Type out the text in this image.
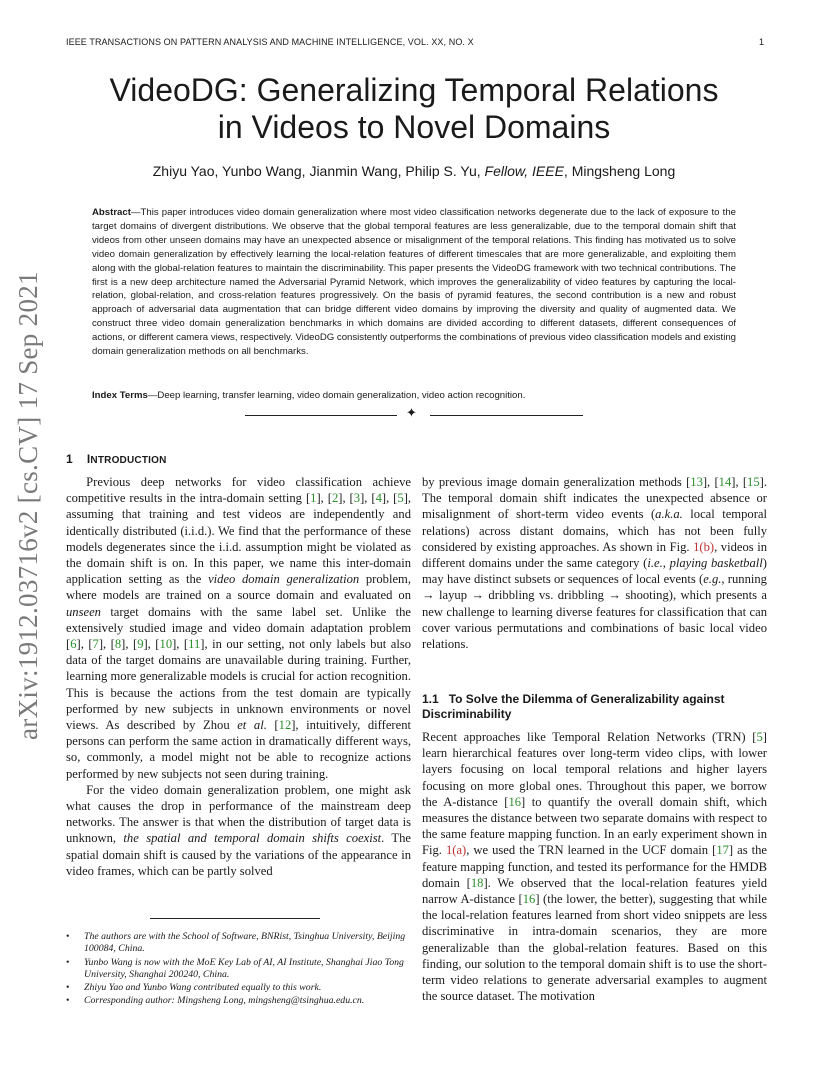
IEEE TRANSACTIONS ON PATTERN ANALYSIS AND MACHINE INTELLIGENCE, VOL. XX, NO. X	1
arXiv:1912.03716v2 [cs.CV] 17 Sep 2021
VideoDG: Generalizing Temporal Relations
in Videos to Novel Domains
Zhiyu Yao, Yunbo Wang, Jianmin Wang, Philip S. Yu, Fellow, IEEE, Mingsheng Long
Abstract—This paper introduces video domain generalization where most video classification networks degenerate due to the lack of exposure to the target domains of divergent distributions. We observe that the global temporal features are less generalizable, due to the temporal domain shift that videos from other unseen domains may have an unexpected absence or misalignment of the temporal relations. This finding has motivated us to solve video domain generalization by effectively learning the local-relation features of different timescales that are more generalizable, and exploiting them along with the global-relation features to maintain the discriminability. This paper presents the VideoDG framework with two technical contributions. The first is a new deep architecture named the Adversarial Pyramid Network, which improves the generalizability of video features by capturing the local-relation, global-relation, and cross-relation features progressively. On the basis of pyramid features, the second contribution is a new and robust approach of adversarial data augmentation that can bridge different video domains by improving the diversity and quality of augmented data. We construct three video domain generalization benchmarks in which domains are divided according to different datasets, different consequences of actions, or different camera views, respectively. VideoDG consistently outperforms the combinations of previous video classification models and existing domain generalization methods on all benchmarks.
Index Terms—Deep learning, transfer learning, video domain generalization, video action recognition.
✦
1 INTRODUCTION

Previous deep networks for video classification achieve competitive results in the intra-domain setting [1], [2], [3], [4], [5], assuming that training and test videos are independently and identically distributed (i.i.d.). We find that the performance of these models degenerates since the i.i.d. assumption might be violated as the domain shift is on. In this paper, we name this inter-domain application setting as the video domain generalization problem, where models are trained on a source domain and evaluated on unseen target domains with the same label set. Unlike the extensively studied image and video domain adaptation problem [6], [7], [8], [9], [10], [11], in our setting, not only labels but also data of the target domains are unavailable during training. Further, learning more generalizable models is crucial for action recognition. This is because the actions from the test domain are typically performed by new subjects in unknown environments or novel views. As described by Zhou et al. [12], intuitively, different persons can perform the same action in dramatically different ways, so, commonly, a model might not be able to recognize actions performed by new subjects not seen during training.

For the video domain generalization problem, one might ask what causes the drop in performance of the mainstream deep networks. The answer is that when the distribution of target data is unknown, the spatial and temporal domain shifts coexist. The spatial domain shift is caused by the variations of the appearance in video frames, which can be partly solved

• The authors are with the School of Software, BNRist, Tsinghua University, Beijing 100084, China.
• Yunbo Wang is now with the MoE Key Lab of AI, AI Institute, Shanghai Jiao Tong University, Shanghai 200240, China.
• Zhiyu Yao and Yunbo Wang contributed equally to this work.
• Corresponding author: Mingsheng Long, mingsheng@tsinghua.edu.cn.

by previous image domain generalization methods [13], [14], [15]. The temporal domain shift indicates the unexpected absence or misalignment of short-term video events (a.k.a. local temporal relations) across distant domains, which has not been fully considered by existing approaches. As shown in Fig. 1(b), videos in different domains under the same category (i.e., playing basketball) may have distinct subsets or sequences of local events (e.g., running → layup → dribbling vs. dribbling → shooting), which presents a new challenge to learning diverse features for classification that can cover various permutations and combinations of basic local video relations.

1.1 To Solve the Dilemma of Generalizability against Discriminability

Recent approaches like Temporal Relation Networks (TRN) [5] learn hierarchical features over long-term video clips, with lower layers focusing on local temporal relations and higher layers focusing on more global ones. Throughout this paper, we borrow the A-distance [16] to quantify the overall domain shift, which measures the distance between two separate domains with respect to the same feature mapping function. In an early experiment shown in Fig. 1(a), we used the TRN learned in the UCF domain [17] as the feature mapping function, and tested its performance for the HMDB domain [18]. We observed that the local-relation features yield narrow A-distance [16] (the lower, the better), suggesting that while the local-relation features learned from short video snippets are less discriminative in intra-domain scenarios, they are more generalizable than the global-relation features. Based on this finding, our solution to the temporal domain shift is to use the short-term video relations to generate adversarial examples to augment the source dataset. The motivation
